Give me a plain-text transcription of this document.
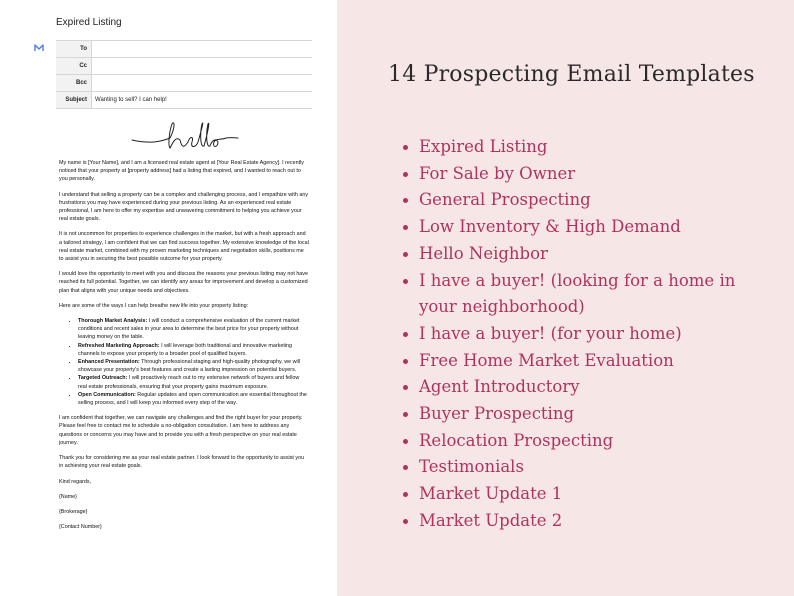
Expired Listing
To
Cc
Bcc
Subject	Wanting to sell? I can help!

My name is [Your Name], and I am a licensed real estate agent at [Your Real Estate Agency]. I recently noticed that your property at [property address] had a listing that expired, and I wanted to reach out to you personally.

I understand that selling a property can be a complex and challenging process, and I empathize with any frustrations you may have experienced during your previous listing. As an experienced real estate professional, I am here to offer my expertise and unwavering commitment to helping you achieve your real estate goals.

It is not uncommon for properties to experience challenges in the market, but with a fresh approach and a tailored strategy, I am confident that we can find success together. My extensive knowledge of the local real estate market, combined with my proven marketing techniques and negotiation skills, positions me to assist you in securing the best possible outcome for your property.

I would love the opportunity to meet with you and discuss the reasons your previous listing may not have reached its full potential. Together, we can identify any areas for improvement and develop a customized plan that aligns with your unique needs and objectives.

Here are some of the ways I can help breathe new life into your property listing:

• Thorough Market Analysis: I will conduct a comprehensive evaluation of the current market conditions and recent sales in your area to determine the best price for your property without leaving money on the table.
• Refreshed Marketing Approach: I will leverage both traditional and innovative marketing channels to expose your property to a broader pool of qualified buyers.
• Enhanced Presentation: Through professional staging and high-quality photography, we will showcase your property's best features and create a lasting impression on potential buyers.
• Targeted Outreach: I will proactively reach out to my extensive network of buyers and fellow real estate professionals, ensuring that your property gains maximum exposure.
• Open Communication: Regular updates and open communication are essential throughout the selling process, and I will keep you informed every step of the way.

I am confident that together, we can navigate any challenges and find the right buyer for your property. Please feel free to contact me to schedule a no-obligation consultation. I am here to address any questions or concerns you may have and to provide you with a fresh perspective on your real estate journey.

Thank you for considering me as your real estate partner. I look forward to the opportunity to assist you in achieving your real estate goals.

Kind regards,

{Name}

{Brokerage}

{Contact Number}

14 Prospecting Email Templates
Expired Listing
For Sale by Owner
General Prospecting
Low Inventory & High Demand
Hello Neighbor
I have a buyer! (looking for a home in
your neighborhood)
I have a buyer! (for your home)
Free Home Market Evaluation
Agent Introductory
Buyer Prospecting
Relocation Prospecting
Testimonials
Market Update 1
Market Update 2
